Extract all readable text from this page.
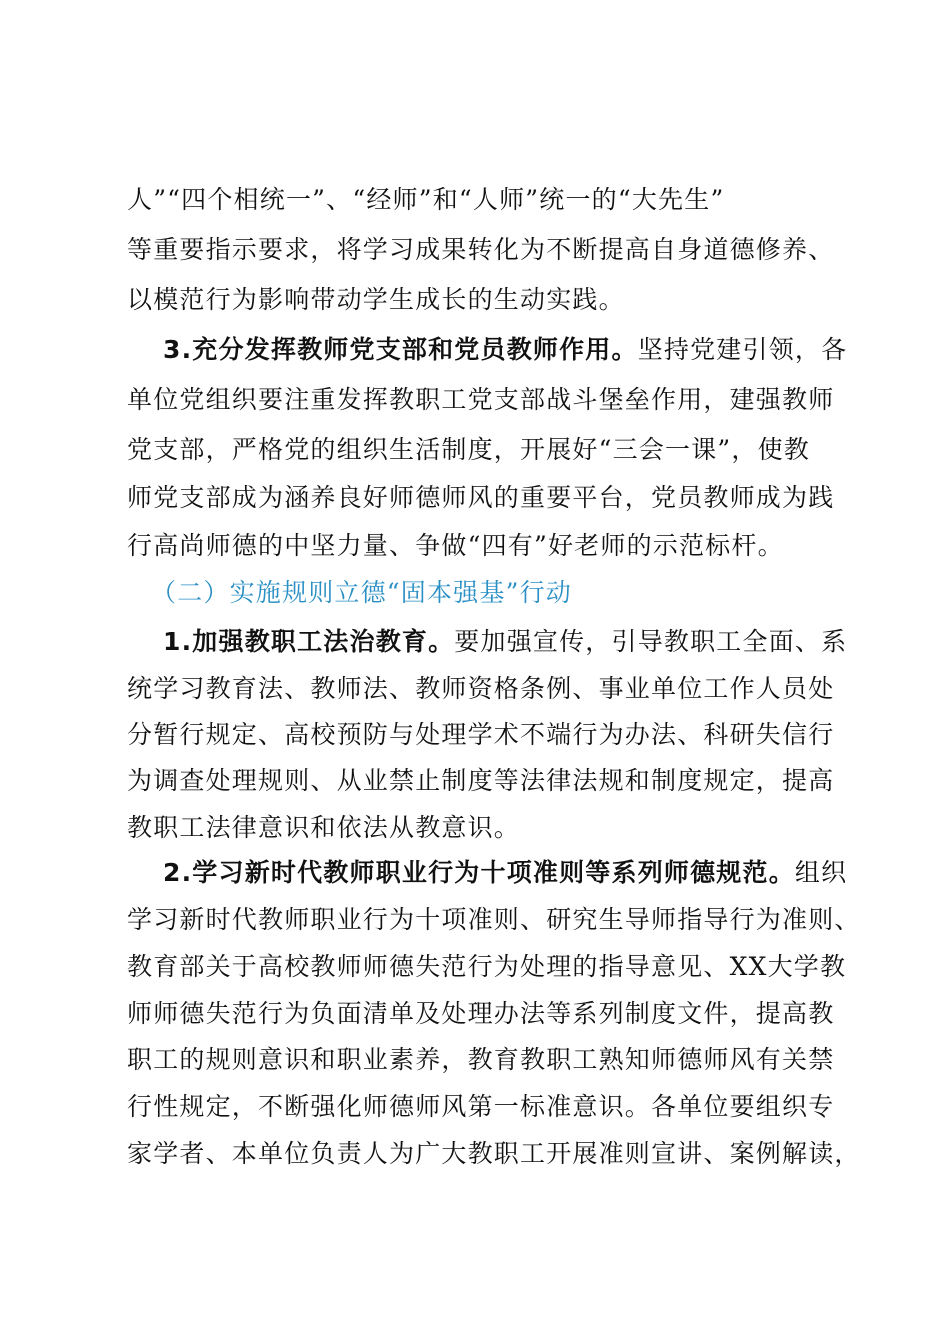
人”“四个相统一”、“经师”和“人师”统一的“大先生”
等重要指示要求，将学习成果转化为不断提高自身道德修养、
以模范行为影响带动学生成长的生动实践。
3.充分发挥教师党支部和党员教师作用。坚持党建引领，各
单位党组织要注重发挥教职工党支部战斗堡垒作用，建强教师
党支部，严格党的组织生活制度，开展好“三会一课”，使教
师党支部成为涵养良好师德师风的重要平台，党员教师成为践
行高尚师德的中坚力量、争做“四有”好老师的示范标杆。
（二）实施规则立德“固本强基”行动
1.加强教职工法治教育。要加强宣传，引导教职工全面、系
统学习教育法、教师法、教师资格条例、事业单位工作人员处
分暂行规定、高校预防与处理学术不端行为办法、科研失信行
为调查处理规则、从业禁止制度等法律法规和制度规定，提高
教职工法律意识和依法从教意识。
2.学习新时代教师职业行为十项准则等系列师德规范。组织
学习新时代教师职业行为十项准则、研究生导师指导行为准则、
教育部关于高校教师师德失范行为处理的指导意见、XX大学教
师师德失范行为负面清单及处理办法等系列制度文件，提高教
职工的规则意识和职业素养，教育教职工熟知师德师风有关禁
行性规定，不断强化师德师风第一标准意识。各单位要组织专
家学者、本单位负责人为广大教职工开展准则宣讲、案例解读，
